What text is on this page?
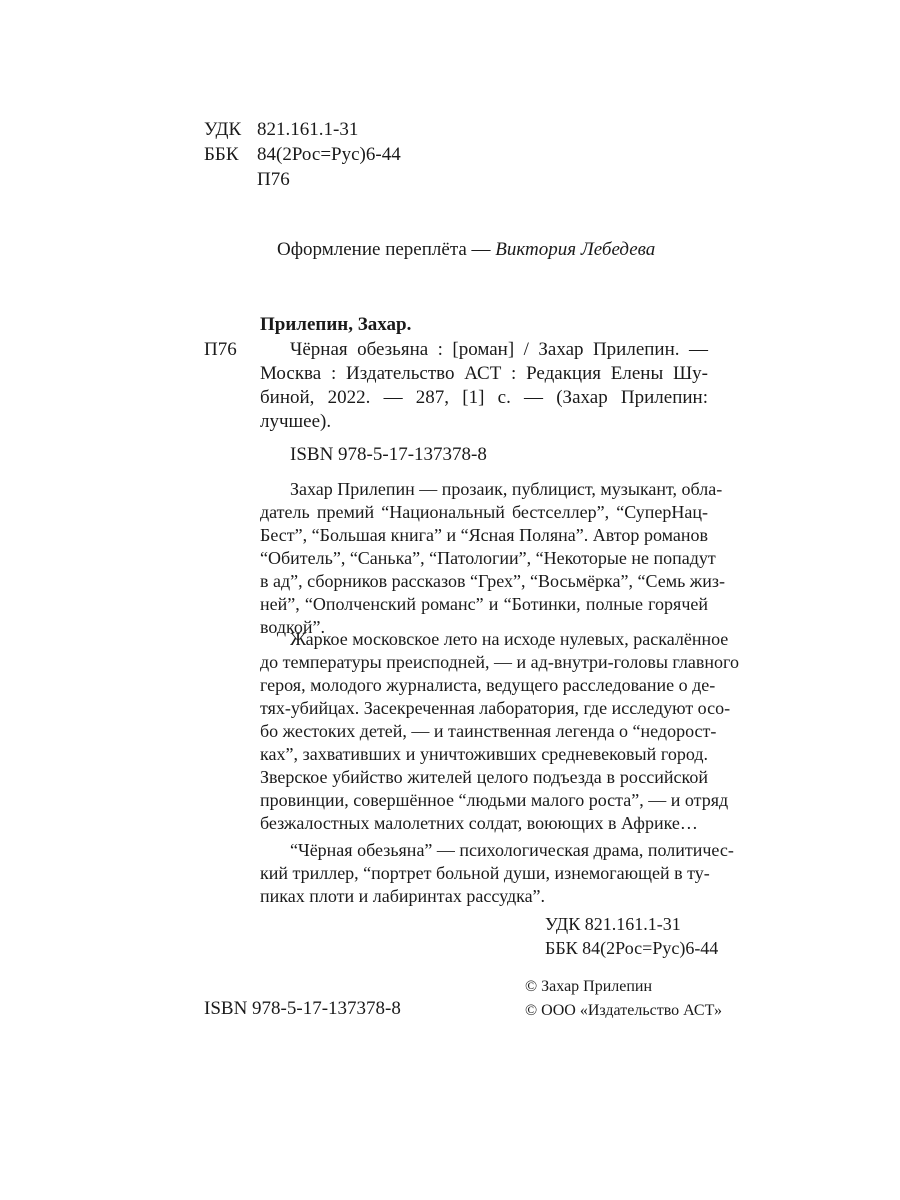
УДК 821.161.1-31
ББК 84(2Рос=Рус)6-44
П76
Оформление переплёта — Виктория Лебедева
Прилепин, Захар.
П76	Чёрная обезьяна : [роман] / Захар Прилепин. —
Москва : Издательство АСТ : Редакция Елены Шу-
биной, 2022. — 287, [1] с. — (Захар Прилепин:
лучшее).
ISBN 978-5-17-137378-8
Захар Прилепин — прозаик, публицист, музыкант, обла-
датель премий “Национальный бестселлер”, “СуперНац-
Бест”, “Большая книга” и “Ясная Поляна”. Автор романов
“Обитель”, “Санька”, “Патологии”, “Некоторые не попадут
в ад”, сборников рассказов “Грех”, “Восьмёрка”, “Семь жиз-
ней”, “Ополченский романс” и “Ботинки, полные горячей
водкой”.
Жаркое московское лето на исходе нулевых, раскалённое
до температуры преисподней, — и ад-внутри-головы главного
героя, молодого журналиста, ведущего расследование о де-
тях-убийцах. Засекреченная лаборатория, где исследуют осо-
бо жестоких детей, — и таинственная легенда о “недорост-
ках”, захвативших и уничтоживших средневековый город.
Зверское убийство жителей целого подъезда в российской
провинции, совершённое “людьми малого роста”, — и отряд
безжалостных малолетних солдат, воюющих в Африке…
“Чёрная обезьяна” — психологическая драма, политичес-
кий триллер, “портрет больной души, изнемогающей в ту-
пиках плоти и лабиринтах рассудка”.
УДК 821.161.1-31
ББК 84(2Рос=Рус)6-44
© Захар Прилепин
© ООО «Издательство АСТ»
ISBN 978-5-17-137378-8
